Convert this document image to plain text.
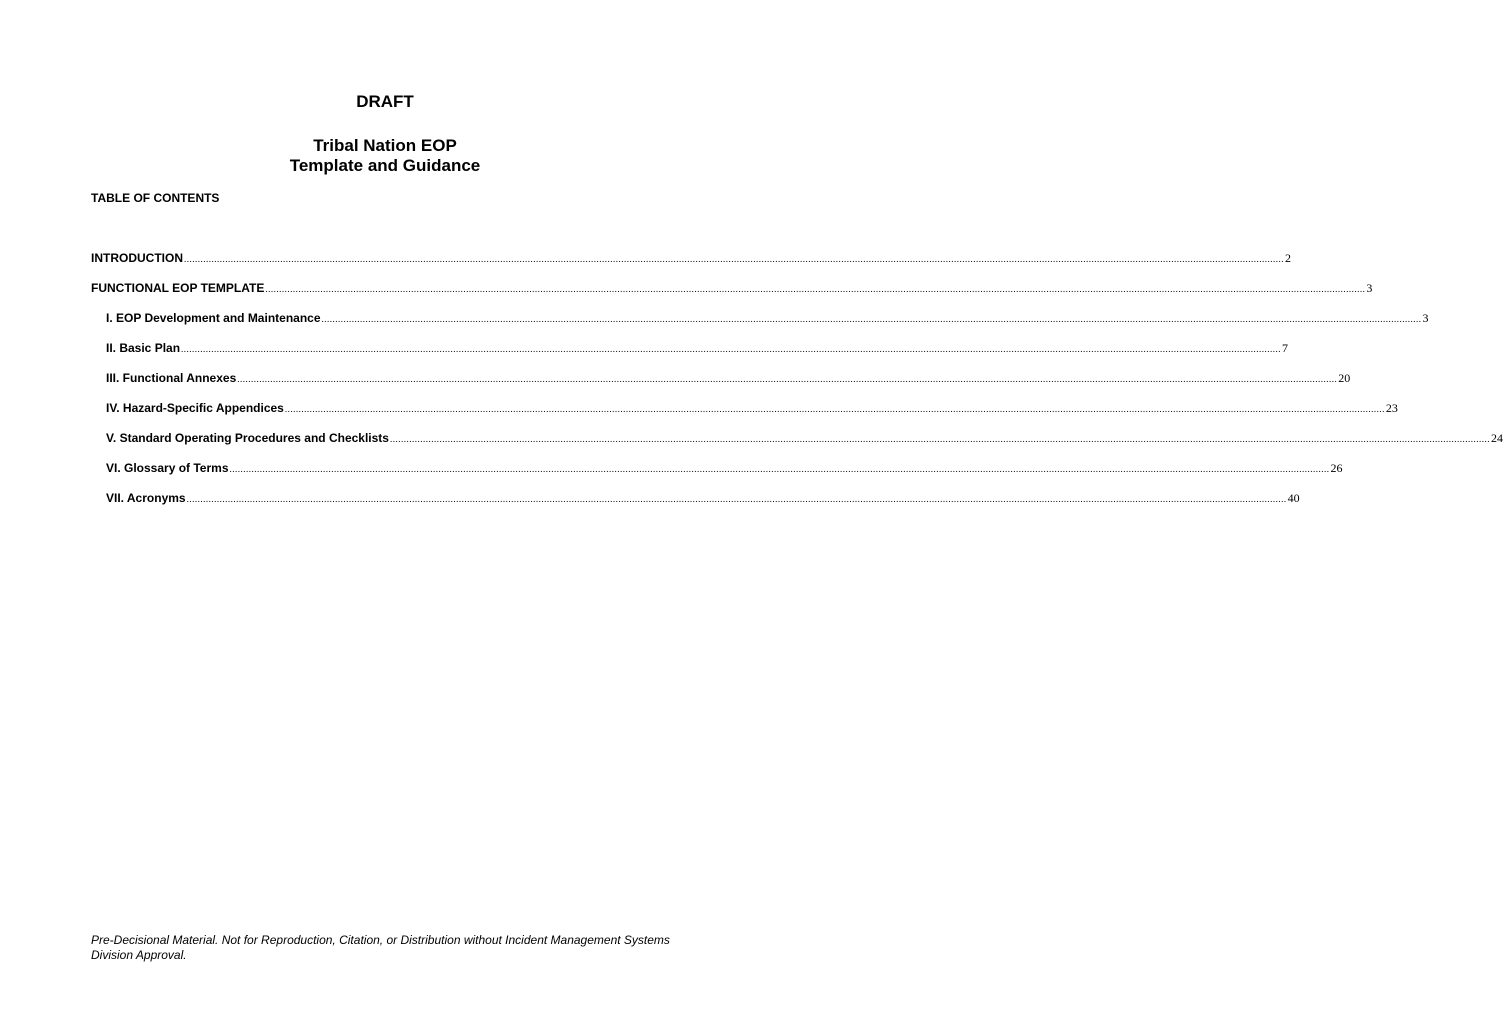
DRAFT
Tribal Nation EOP
Template and Guidance
TABLE OF CONTENTS
INTRODUCTION ................................................................................................................................................................................................................................................................................................................................................................................................................ 2
FUNCTIONAL EOP TEMPLATE ................................................................................................................................................................................................................................................................................................................................................................................................................ 3
I. EOP Development and Maintenance ................................................................................................................................................................................................................................................................................................................................................................................................................ 3
II. Basic Plan ................................................................................................................................................................................................................................................................................................................................................................................................................ 7
III. Functional Annexes ................................................................................................................................................................................................................................................................................................................................................................................................................ 20
IV. Hazard-Specific Appendices ................................................................................................................................................................................................................................................................................................................................................................................................................ 23
V. Standard Operating Procedures and Checklists ................................................................................................................................................................................................................................................................................................................................................................................................................ 24
VI. Glossary of Terms ................................................................................................................................................................................................................................................................................................................................................................................................................ 26
VII. Acronyms ................................................................................................................................................................................................................................................................................................................................................................................................................ 40
Pre-Decisional Material. Not for Reproduction, Citation, or Distribution without Incident Management Systems Division Approval.
